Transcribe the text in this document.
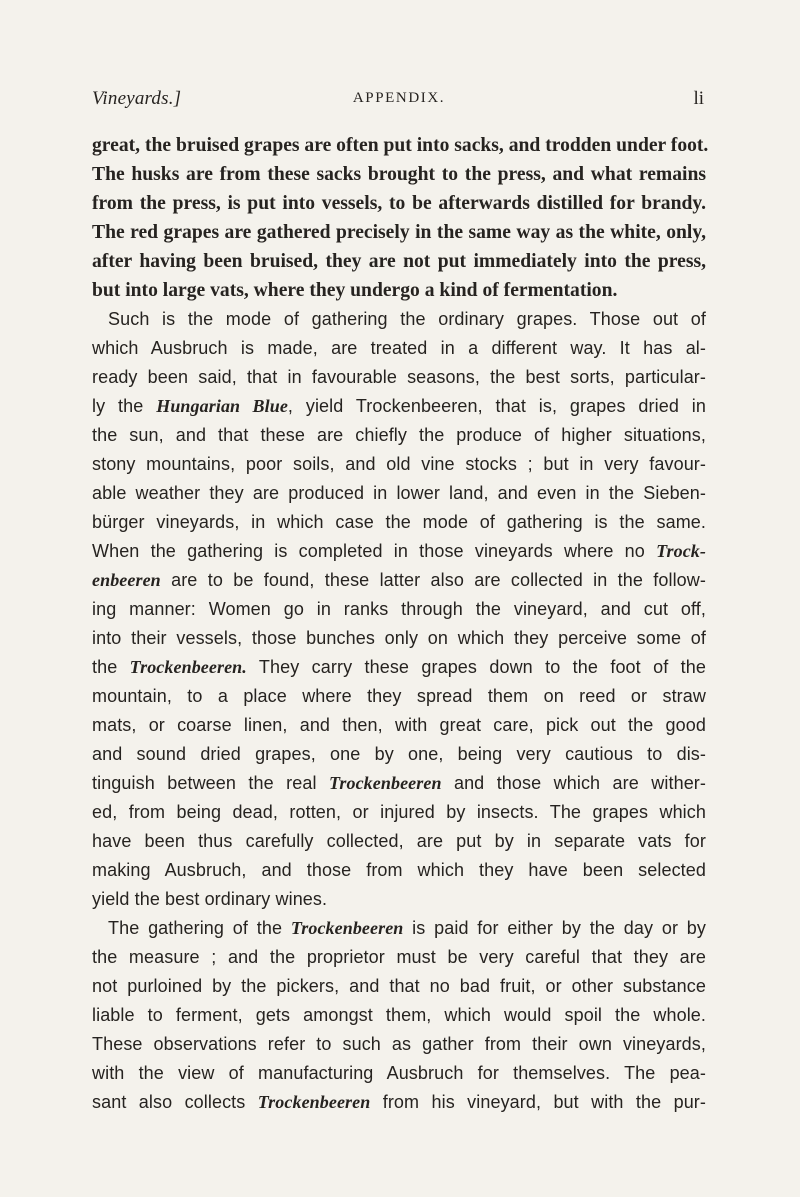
Vineyards.]	APPENDIX.	li
great, the bruised grapes are often put into sacks, and trodden under foot.
The husks are from these sacks brought to the press, and what remains
from the press, is put into vessels, to be afterwards distilled for brandy.
The red grapes are gathered precisely in the same way as the white, only,
after having been bruised, they are not put immediately into the press,
but into large vats, where they undergo a kind of fermentation.
Such is the mode of gathering the ordinary grapes. Those out of
which Ausbruch is made, are treated in a different way. It has al-
ready been said, that in favourable seasons, the best sorts, particular-
ly the Hungarian Blue, yield Trockenbeeren, that is, grapes dried in
the sun, and that these are chiefly the produce of higher situations,
stony mountains, poor soils, and old vine stocks ; but in very favour-
able weather they are produced in lower land, and even in the Sieben-
bürger vineyards, in which case the mode of gathering is the same.
When the gathering is completed in those vineyards where no Trock-
enbeeren are to be found, these latter also are collected in the follow-
ing manner: Women go in ranks through the vineyard, and cut off,
into their vessels, those bunches only on which they perceive some of
the Trockenbeeren. They carry these grapes down to the foot of the
mountain, to a place where they spread them on reed or straw
mats, or coarse linen, and then, with great care, pick out the good
and sound dried grapes, one by one, being very cautious to dis-
tinguish between the real Trockenbeeren and those which are wither-
ed, from being dead, rotten, or injured by insects. The grapes which
have been thus carefully collected, are put by in separate vats for
making Ausbruch, and those from which they have been selected
yield the best ordinary wines.
The gathering of the Trockenbeeren is paid for either by the day or by
the measure ; and the proprietor must be very careful that they are
not purloined by the pickers, and that no bad fruit, or other substance
liable to ferment, gets amongst them, which would spoil the whole.
These observations refer to such as gather from their own vineyards,
with the view of manufacturing Ausbruch for themselves. The pea-
sant also collects Trockenbeeren from his vineyard, but with the pur-
